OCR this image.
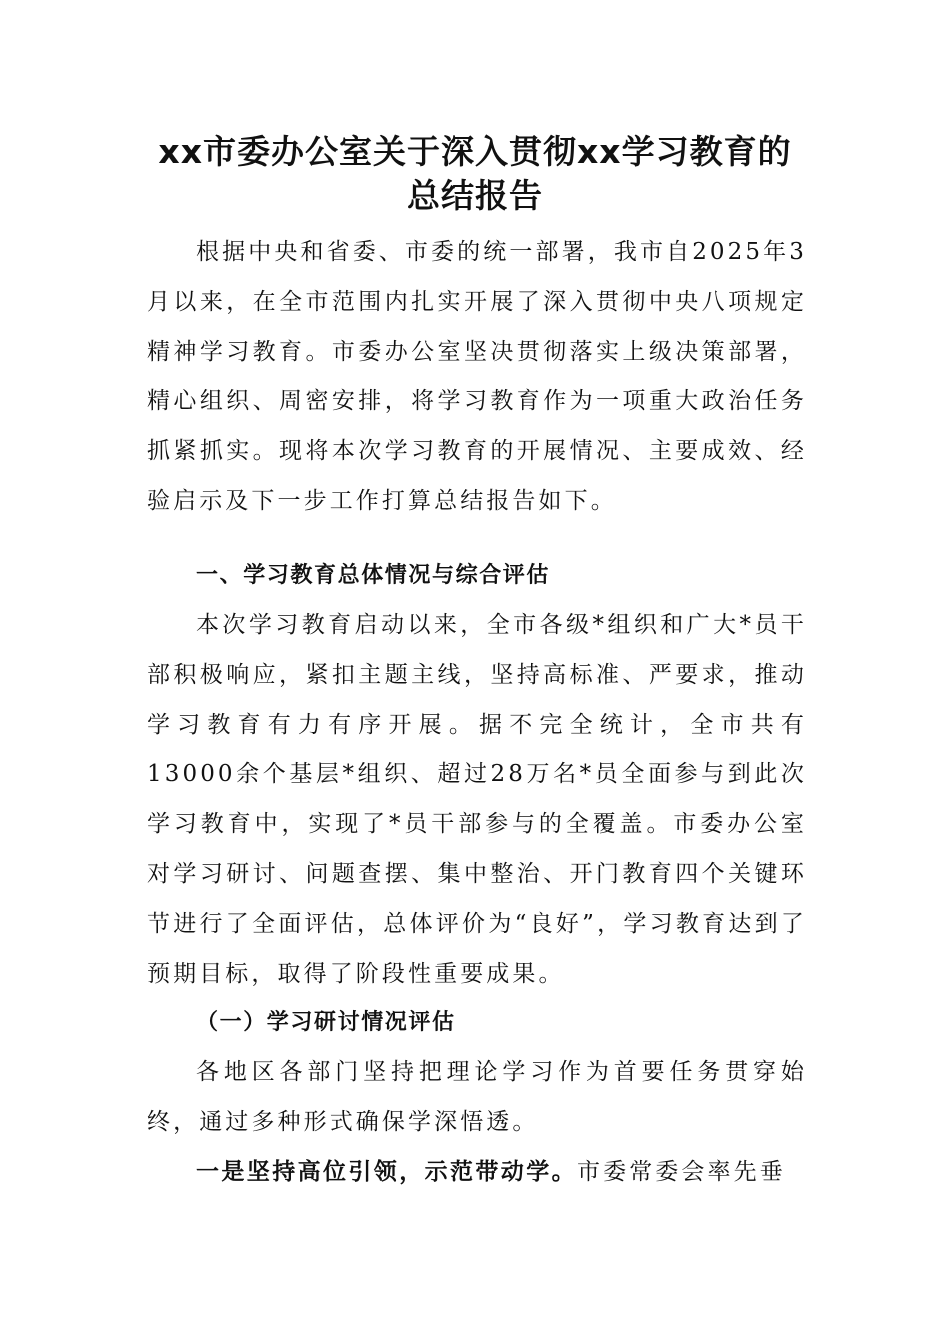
xx市委办公室关于深入贯彻xx学习教育的
总结报告

根据中央和省委、市委的统一部署，我市自2025年3月以来，在全市范围内扎实开展了深入贯彻中央八项规定精神学习教育。市委办公室坚决贯彻落实上级决策部署，精心组织、周密安排，将学习教育作为一项重大政治任务抓紧抓实。现将本次学习教育的开展情况、主要成效、经验启示及下一步工作打算总结报告如下。

一、学习教育总体情况与综合评估

本次学习教育启动以来，全市各级*组织和广大*员干部积极响应，紧扣主题主线，坚持高标准、严要求，推动学习教育有力有序开展。据不完全统计，全市共有13000余个基层*组织、超过28万名*员全面参与到此次学习教育中，实现了*员干部参与的全覆盖。市委办公室对学习研讨、问题查摆、集中整治、开门教育四个关键环节进行了全面评估，总体评价为“良好”，学习教育达到了预期目标，取得了阶段性重要成果。

（一）学习研讨情况评估

各地区各部门坚持把理论学习作为首要任务贯穿始终，通过多种形式确保学深悟透。

一是坚持高位引领，示范带动学。市委常委会率先垂
